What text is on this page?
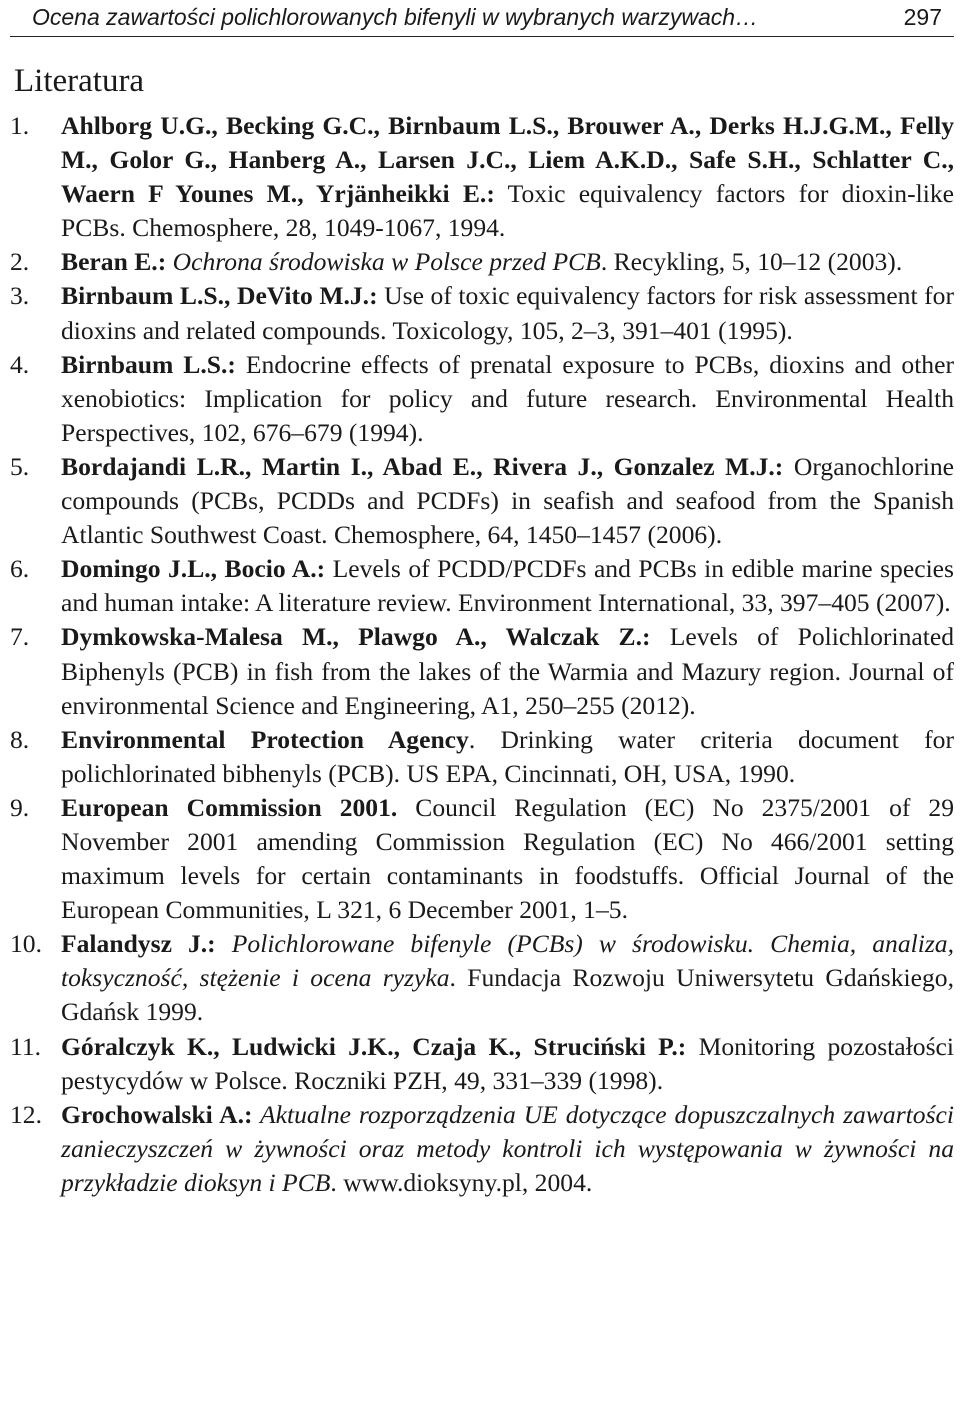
Ocena zawartości polichlorowanych bifenyli w wybranych warzywach…	297
Literatura
1. Ahlborg U.G., Becking G.C., Birnbaum L.S., Brouwer A., Derks H.J.G.M., Felly M., Golor G., Hanberg A., Larsen J.C., Liem A.K.D., Safe S.H., Schlatter C., Waern F Younes M., Yrjänheikki E.: Toxic equivalency factors for dioxin-like PCBs. Chemosphere, 28, 1049-1067, 1994.
2. Beran E.: Ochrona środowiska w Polsce przed PCB. Recykling, 5, 10–12 (2003).
3. Birnbaum L.S., DeVito M.J.: Use of toxic equivalency factors for risk assessment for dioxins and related compounds. Toxicology, 105, 2–3, 391–401 (1995).
4. Birnbaum L.S.: Endocrine effects of prenatal exposure to PCBs, dioxins and other xenobiotics: Implication for policy and future research. Environmental Health Perspectives, 102, 676–679 (1994).
5. Bordajandi L.R., Martin I., Abad E., Rivera J., Gonzalez M.J.: Organochlorine compounds (PCBs, PCDDs and PCDFs) in seafish and seafood from the Spanish Atlantic Southwest Coast. Chemosphere, 64, 1450–1457 (2006).
6. Domingo J.L., Bocio A.: Levels of PCDD/PCDFs and PCBs in edible marine species and human intake: A literature review. Environment International, 33, 397–405 (2007).
7. Dymkowska-Malesa M., Plawgo A., Walczak Z.: Levels of Polichlorinated Biphenyls (PCB) in fish from the lakes of the Warmia and Mazury region. Journal of environmental Science and Engineering, A1, 250–255 (2012).
8. Environmental Protection Agency. Drinking water criteria document for polichlorinated bibhenyls (PCB). US EPA, Cincinnati, OH, USA, 1990.
9. European Commission 2001. Council Regulation (EC) No 2375/2001 of 29 November 2001 amending Commission Regulation (EC) No 466/2001 setting maximum levels for certain contaminants in foodstuffs. Official Journal of the European Communities, L 321, 6 December 2001, 1–5.
10. Falandysz J.: Polichlorowane bifenyle (PCBs) w środowisku. Chemia, analiza, toksyczność, stężenie i ocena ryzyka. Fundacja Rozwoju Uniwersytetu Gdańskiego, Gdańsk 1999.
11. Góralczyk K., Ludwicki J.K., Czaja K., Struciński P.: Monitoring pozostałości pestycydów w Polsce. Roczniki PZH, 49, 331–339 (1998).
12. Grochowalski A.: Aktualne rozporządzenia UE dotyczące dopuszczalnych zawartości zanieczyszczeń w żywności oraz metody kontroli ich występowania w żywności na przykładzie dioksyn i PCB. www.dioksyny.pl, 2004.
